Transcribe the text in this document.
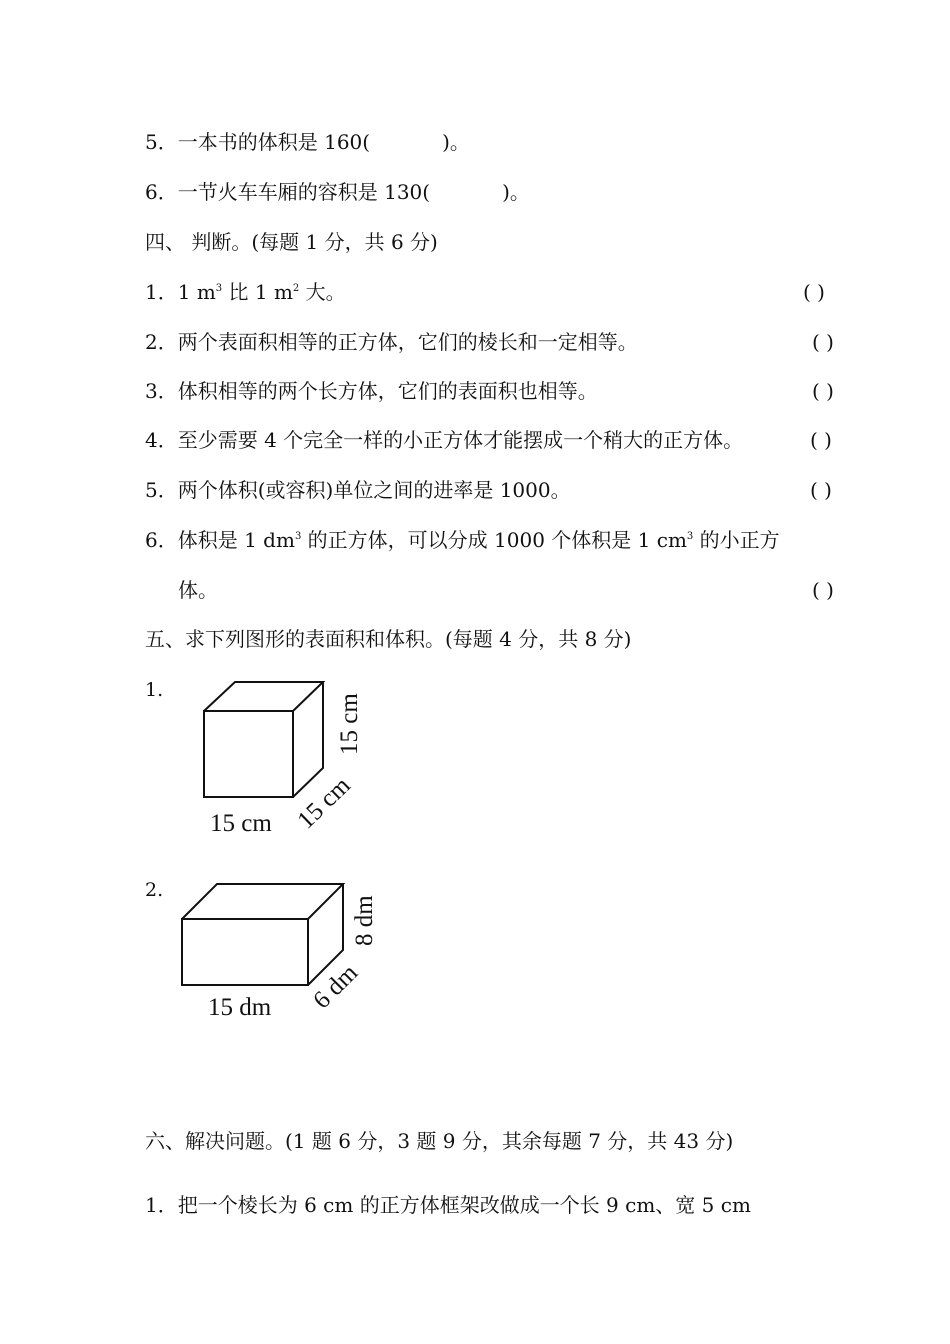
5．一本书的体积是 160(	)。
6．一节火车车厢的容积是 130(	)。
四、 判断。(每题 1 分，共 6 分)
1．1 $m^3$ 比 1 $m^2$ 大。	( )
2．两个表面积相等的正方体，它们的棱长和一定相等。	( )
3．体积相等的两个长方体，它们的表面积也相等。	( )
4．至少需要 4 个完全一样的小正方体才能摆成一个稍大的正方体。	( )
5．两个体积(或容积)单位之间的进率是 1000。	( )
6．体积是 1 $dm^3$ 的正方体，可以分成 1000 个体积是 1 $cm^3$ 的小正方
体。	( )
五、求下列图形的表面积和体积。(每题 4 分，共 8 分)
1.
15 cm 15 cm
15 cm
2.
15 dm 6 dm
8 dm
六、解决问题。(1 题 6 分，3 题 9 分，其余每题 7 分，共 43 分)
1．把一个棱长为 6 cm 的正方体框架改做成一个长 9 cm、宽 5 cm
